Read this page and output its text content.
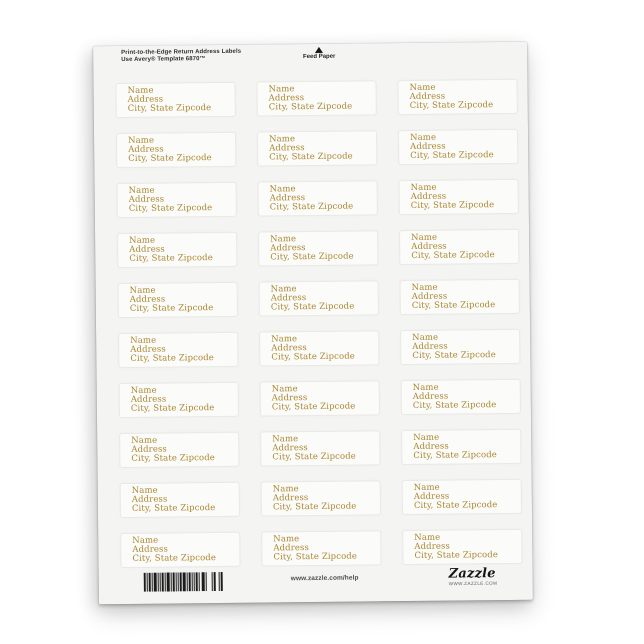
Print-to-the-Edge Return Address Labels
Use Avery® Template 6870™	Feed Paper
Name
Address
City, State Zipcode
Name
Address
City, State Zipcode
Name
Address
City, State Zipcode
Name
Address
City, State Zipcode
Name
Address
City, State Zipcode
Name
Address
City, State Zipcode
Name
Address
City, State Zipcode
Name
Address
City, State Zipcode
Name
Address
City, State Zipcode
Name
Address
City, State Zipcode
Name
Address
City, State Zipcode
Name
Address
City, State Zipcode
Name
Address
City, State Zipcode
Name
Address
City, State Zipcode
Name
Address
City, State Zipcode
Name
Address
City, State Zipcode
Name
Address
City, State Zipcode
Name
Address
City, State Zipcode
Name
Address
City, State Zipcode
Name
Address
City, State Zipcode
Name
Address
City, State Zipcode
Name
Address
City, State Zipcode
Name
Address
City, State Zipcode
Name
Address
City, State Zipcode
Name
Address
City, State Zipcode
Name
Address
City, State Zipcode
Name
Address
City, State Zipcode
Name
Address
City, State Zipcode
Name
Address
City, State Zipcode
Name
Address
City, State Zipcode
www.zazzle.com/help	Zazzle
WWW.ZAZZLE.COM
